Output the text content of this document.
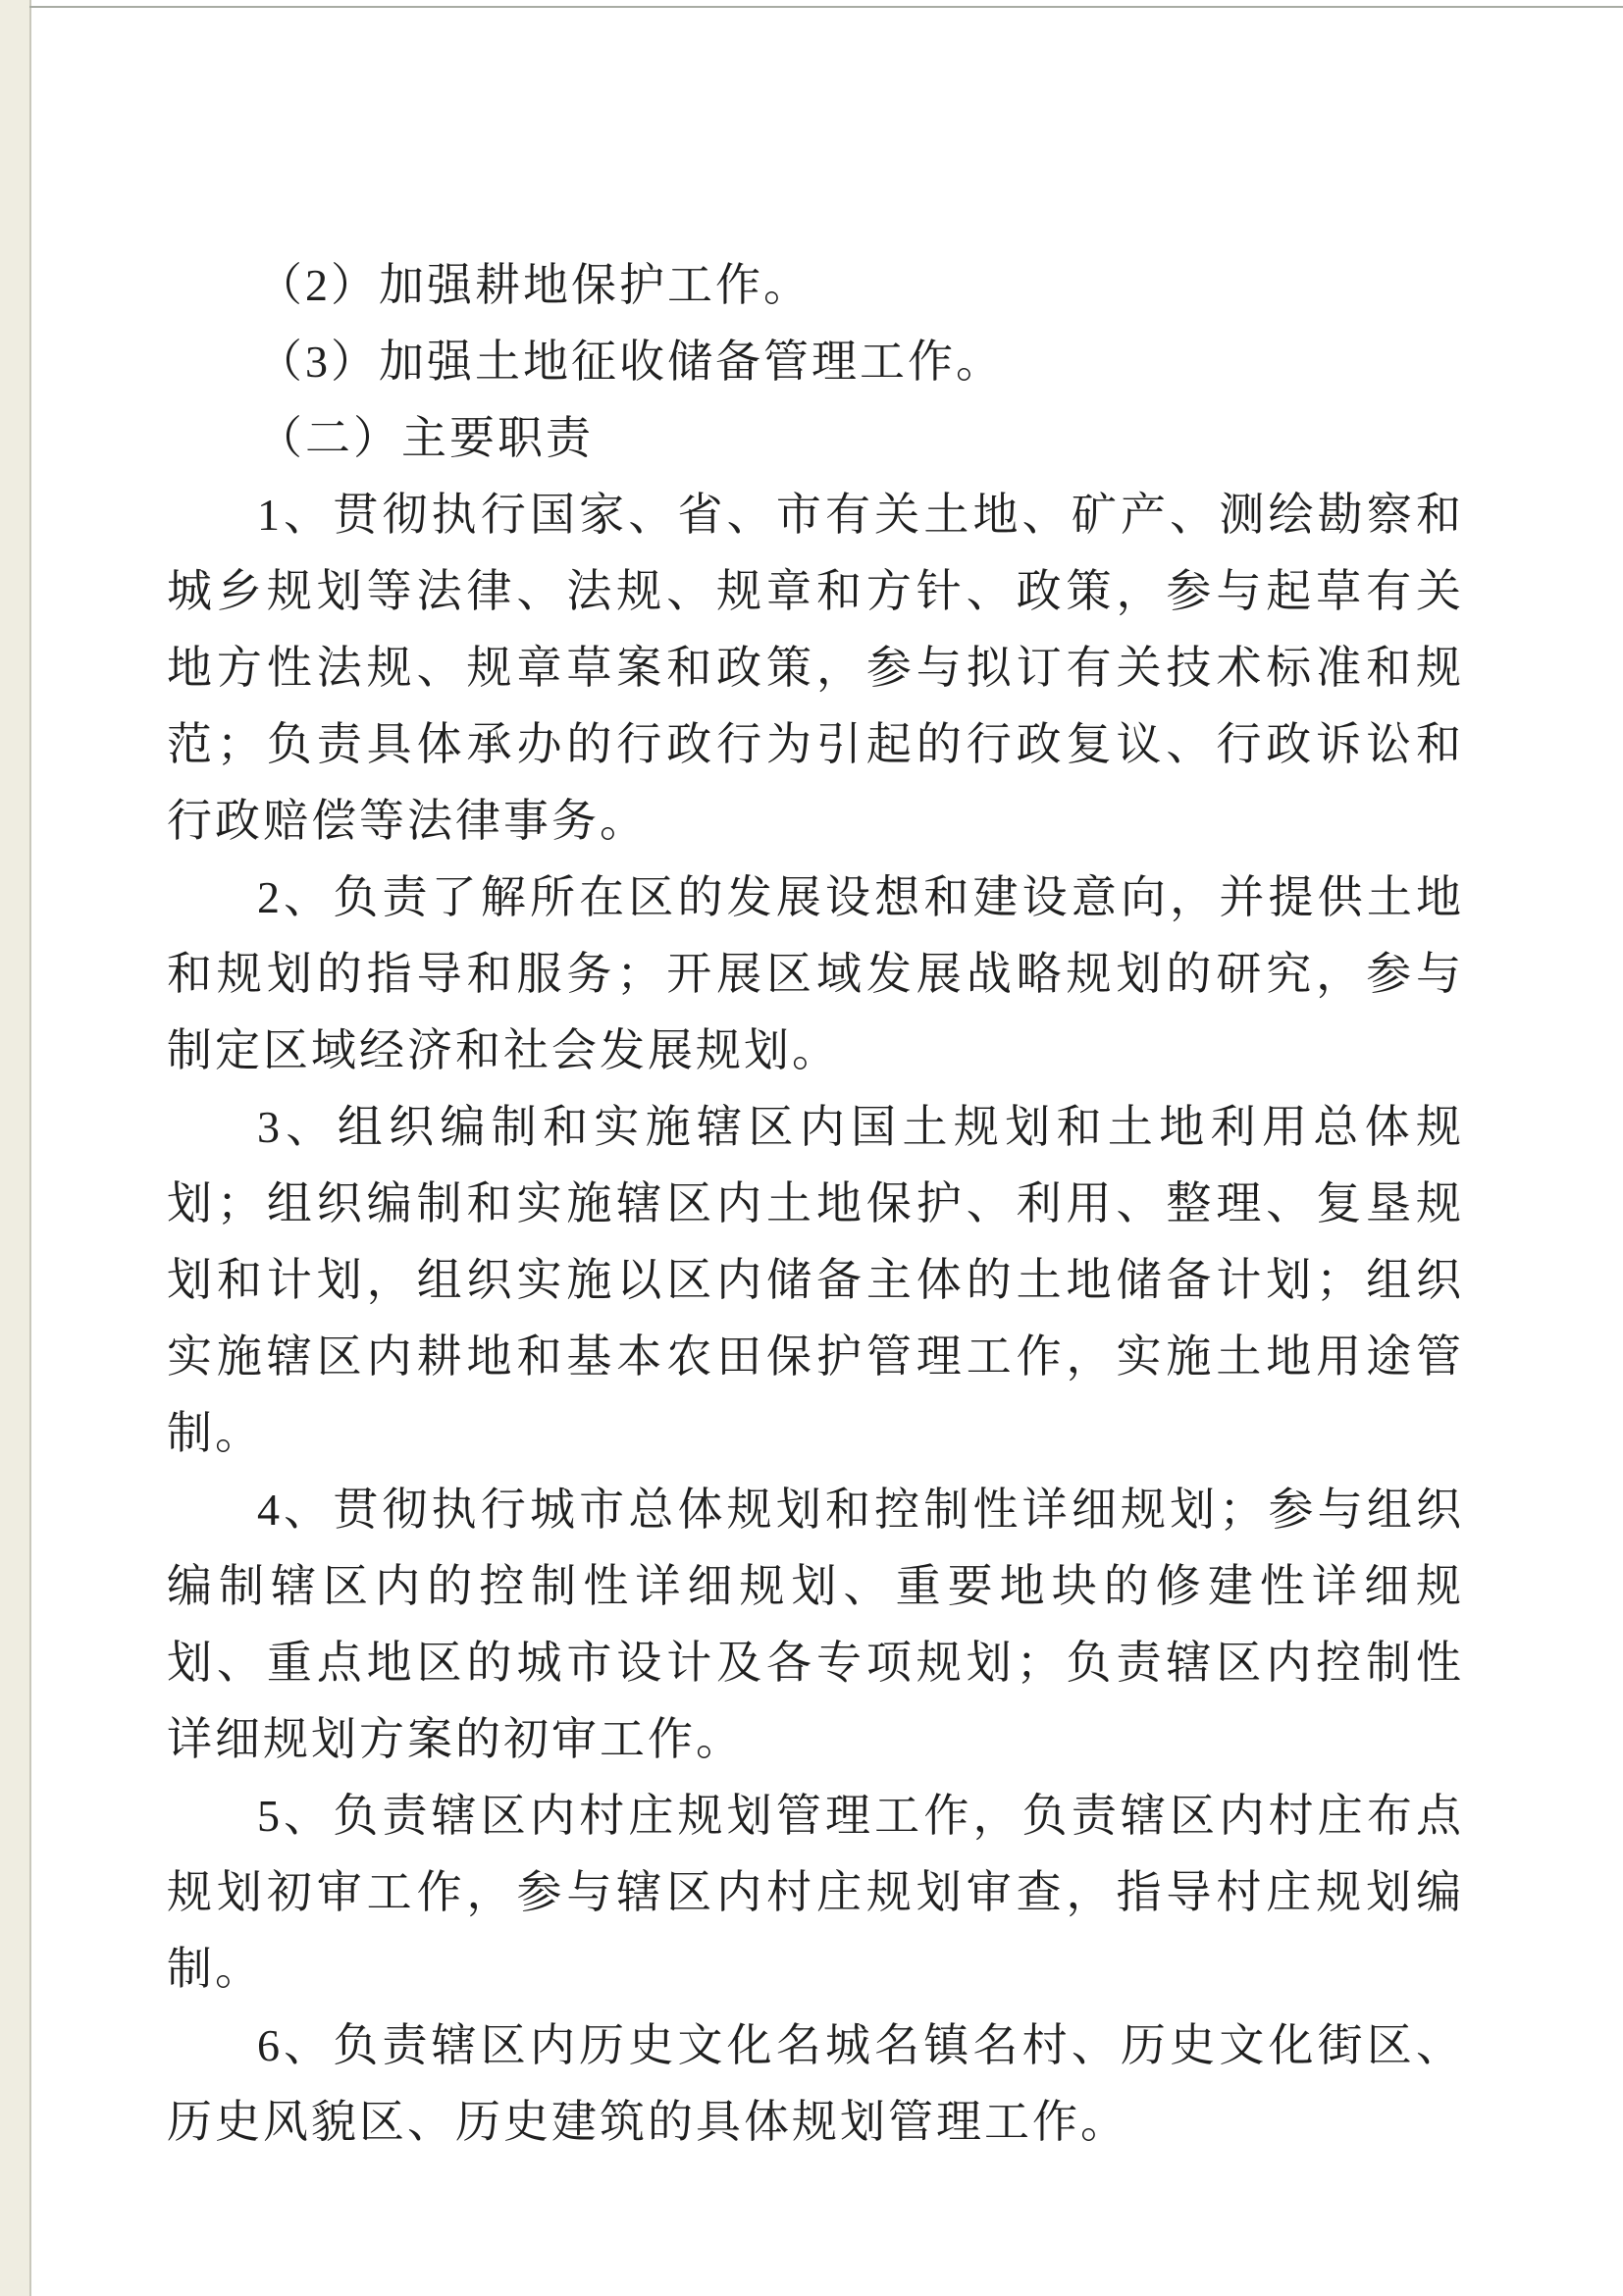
（2）加强耕地保护工作。

（3）加强土地征收储备管理工作。

（二）主要职责

1、贯彻执行国家、省、市有关土地、矿产、测绘勘察和城乡规划等法律、法规、规章和方针、政策，参与起草有关地方性法规、规章草案和政策，参与拟订有关技术标准和规范；负责具体承办的行政行为引起的行政复议、行政诉讼和行政赔偿等法律事务。

2、负责了解所在区的发展设想和建设意向，并提供土地和规划的指导和服务；开展区域发展战略规划的研究，参与制定区域经济和社会发展规划。

3、组织编制和实施辖区内国土规划和土地利用总体规划；组织编制和实施辖区内土地保护、利用、整理、复垦规划和计划，组织实施以区内储备主体的土地储备计划；组织实施辖区内耕地和基本农田保护管理工作，实施土地用途管制。

4、贯彻执行城市总体规划和控制性详细规划；参与组织编制辖区内的控制性详细规划、重要地块的修建性详细规划、重点地区的城市设计及各专项规划；负责辖区内控制性详细规划方案的初审工作。

5、负责辖区内村庄规划管理工作，负责辖区内村庄布点规划初审工作，参与辖区内村庄规划审查，指导村庄规划编制。

6、负责辖区内历史文化名城名镇名村、历史文化街区、历史风貌区、历史建筑的具体规划管理工作。
